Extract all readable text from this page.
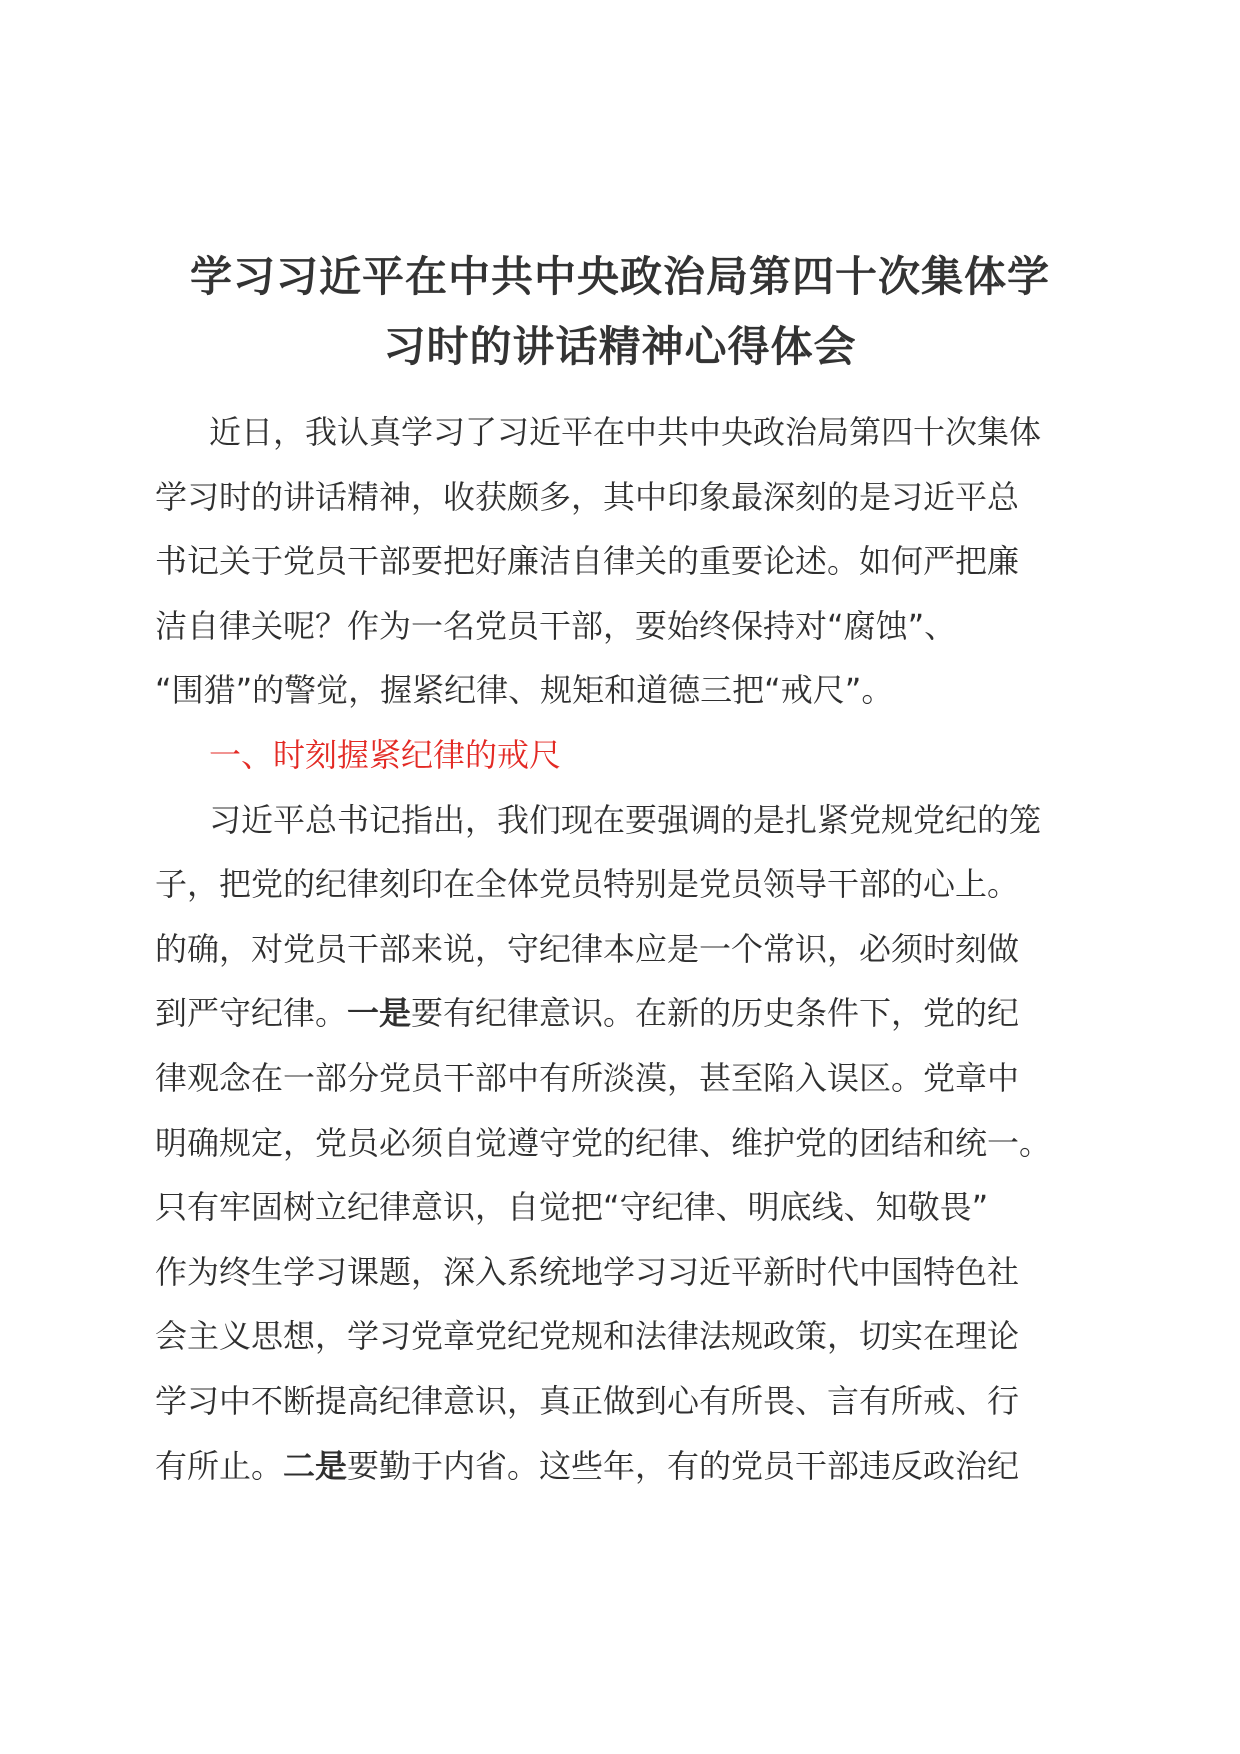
学习习近平在中共中央政治局第四十次集体学
习时的讲话精神心得体会
近日，我认真学习了习近平在中共中央政治局第四十次集体
学习时的讲话精神，收获颇多，其中印象最深刻的是习近平总
书记关于党员干部要把好廉洁自律关的重要论述。如何严把廉
洁自律关呢？作为一名党员干部，要始终保持对“腐蚀”、
“围猎”的警觉，握紧纪律、规矩和道德三把“戒尺”。
一、时刻握紧纪律的戒尺
习近平总书记指出，我们现在要强调的是扎紧党规党纪的笼
子，把党的纪律刻印在全体党员特别是党员领导干部的心上。
的确，对党员干部来说，守纪律本应是一个常识，必须时刻做
到严守纪律。一是要有纪律意识。在新的历史条件下，党的纪
律观念在一部分党员干部中有所淡漠，甚至陷入误区。党章中
明确规定，党员必须自觉遵守党的纪律、维护党的团结和统一。
只有牢固树立纪律意识，自觉把“守纪律、明底线、知敬畏”
作为终生学习课题，深入系统地学习习近平新时代中国特色社
会主义思想，学习党章党纪党规和法律法规政策，切实在理论
学习中不断提高纪律意识，真正做到心有所畏、言有所戒、行
有所止。二是要勤于内省。这些年，有的党员干部违反政治纪
